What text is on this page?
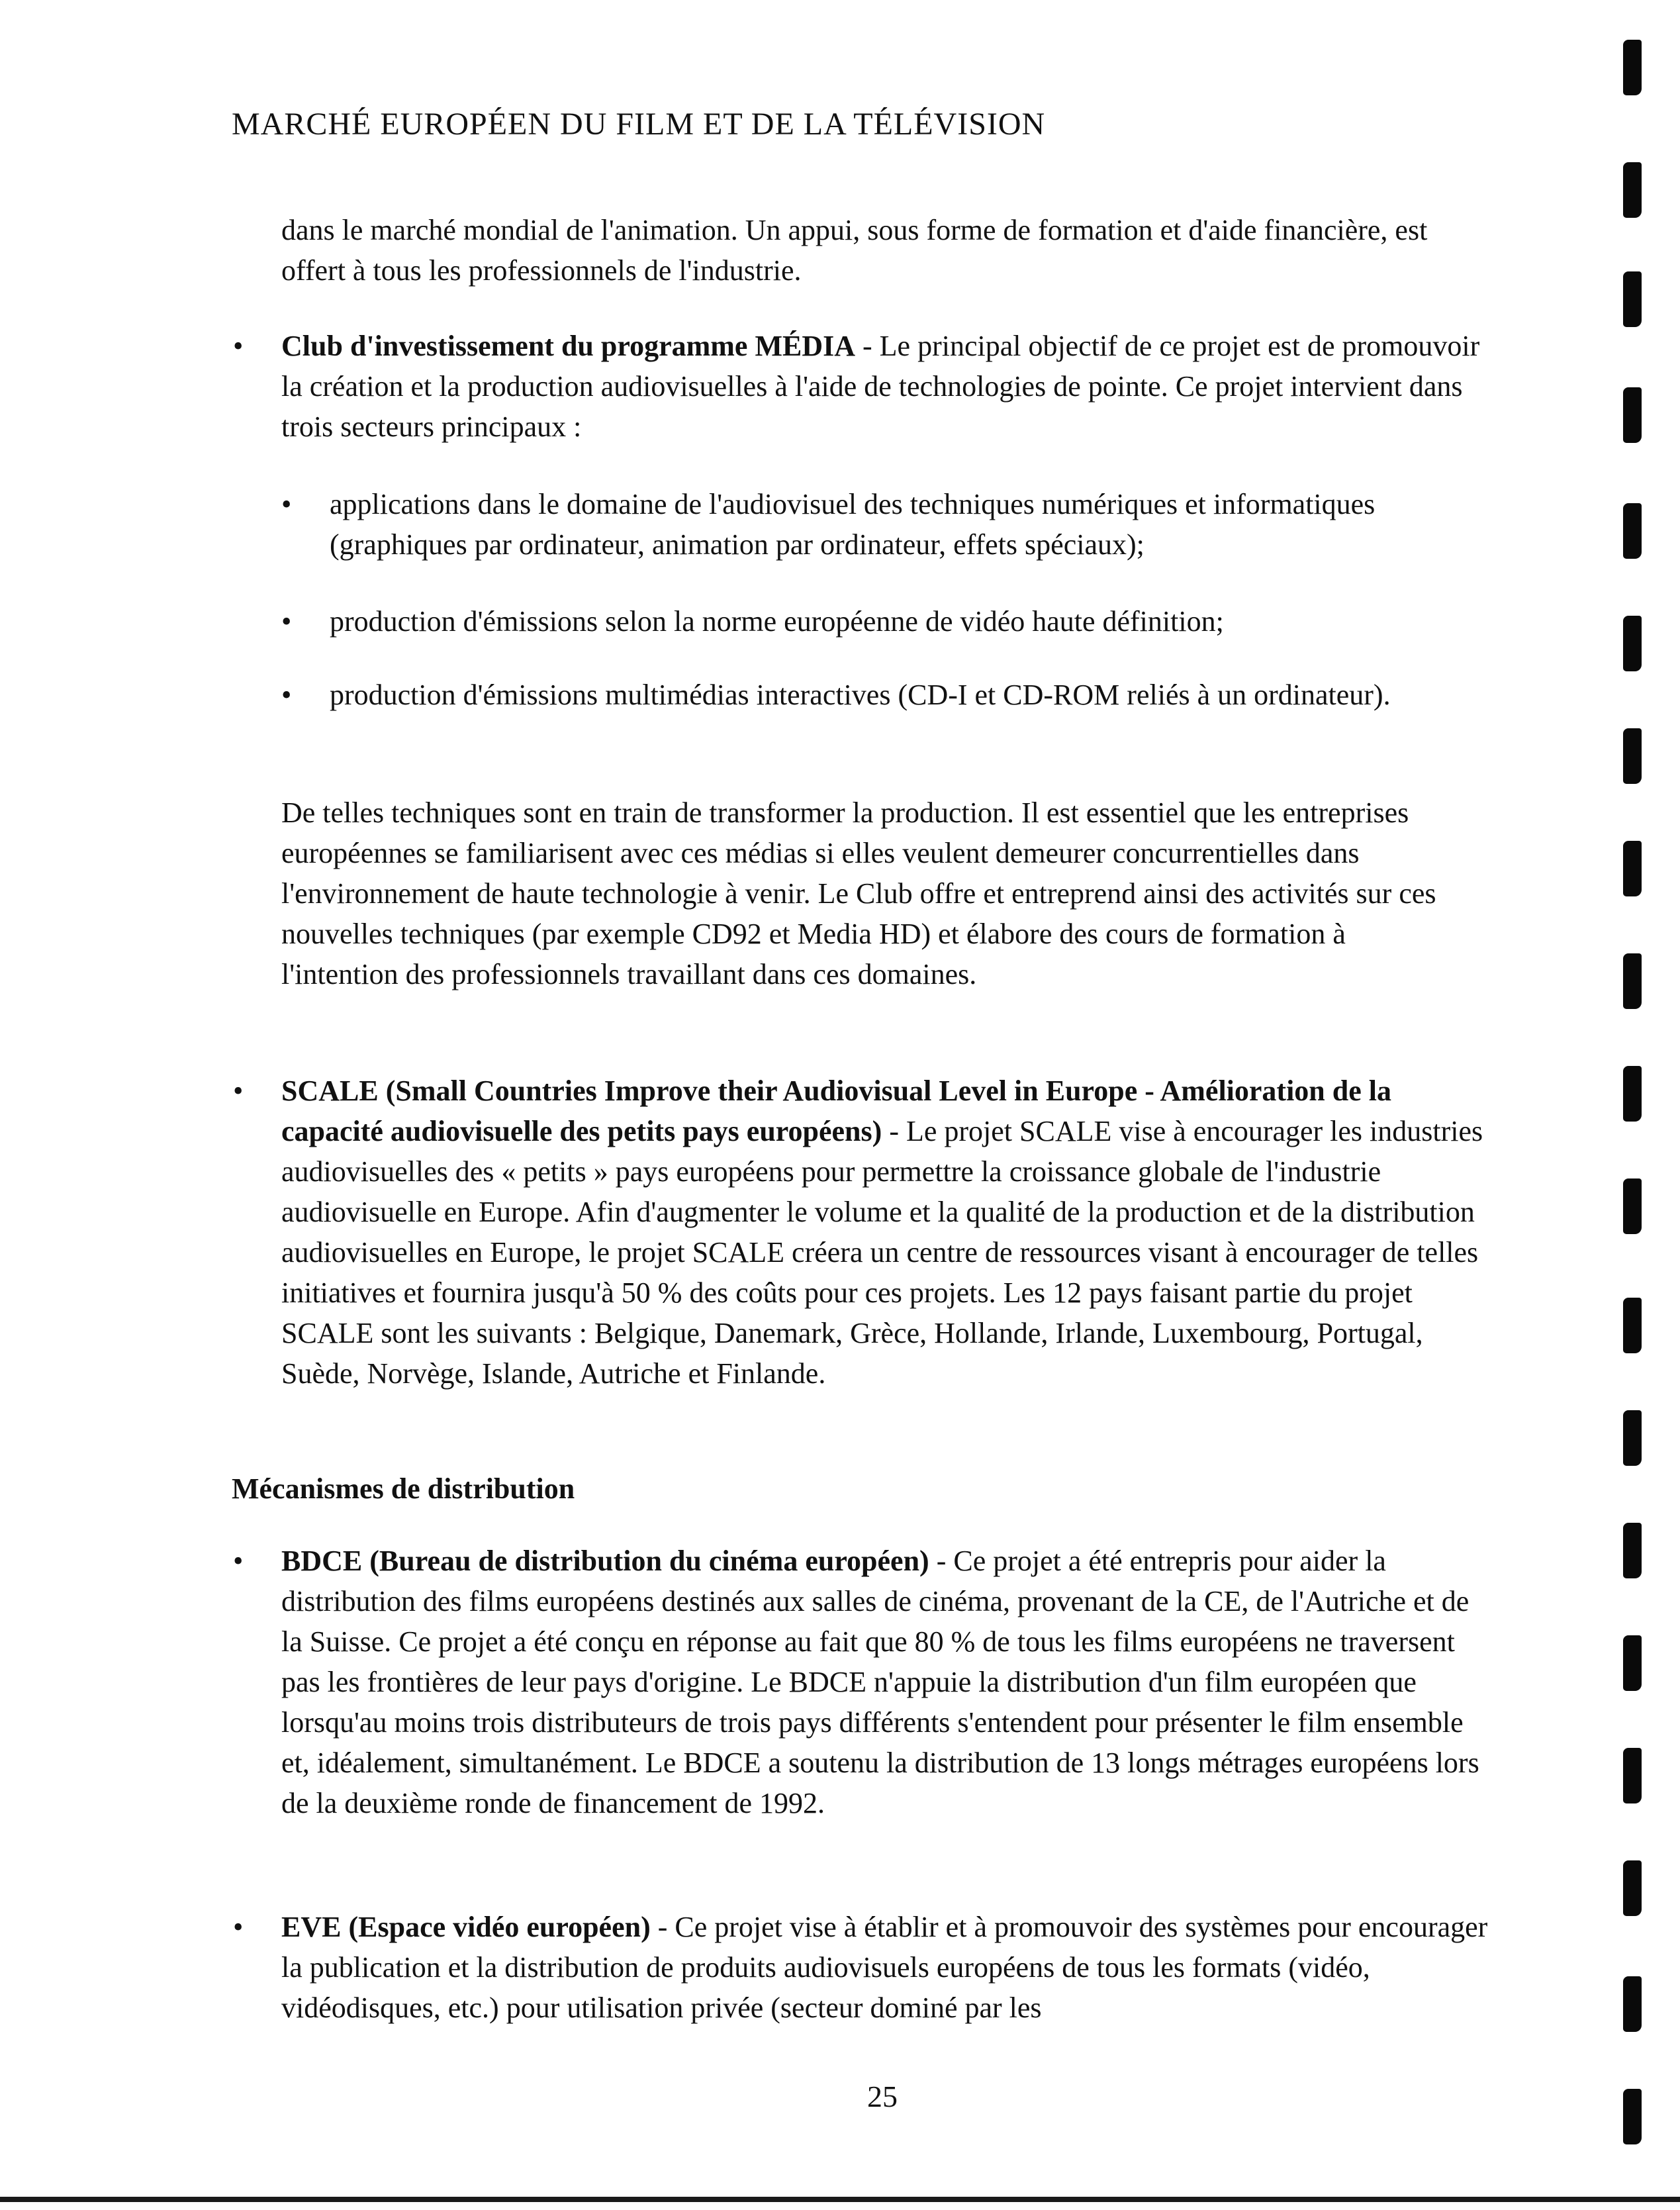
MARCHÉ EUROPÉEN DU FILM ET DE LA TÉLÉVISION

dans le marché mondial de l'animation. Un appui, sous forme de formation et d'aide financière, est offert à tous les professionnels de l'industrie.

• Club d'investissement du programme MÉDIA - Le principal objectif de ce projet est de promouvoir la création et la production audiovisuelles à l'aide de technologies de pointe. Ce projet intervient dans trois secteurs principaux :

• applications dans le domaine de l'audiovisuel des techniques numériques et informatiques (graphiques par ordinateur, animation par ordinateur, effets spéciaux);

• production d'émissions selon la norme européenne de vidéo haute définition;

• production d'émissions multimédias interactives (CD-I et CD-ROM reliés à un ordinateur).

De telles techniques sont en train de transformer la production. Il est essentiel que les entreprises européennes se familiarisent avec ces médias si elles veulent demeurer concurrentielles dans l'environnement de haute technologie à venir. Le Club offre et entreprend ainsi des activités sur ces nouvelles techniques (par exemple CD92 et Media HD) et élabore des cours de formation à l'intention des professionnels travaillant dans ces domaines.

• SCALE (Small Countries Improve their Audiovisual Level in Europe - Amélioration de la capacité audiovisuelle des petits pays européens) - Le projet SCALE vise à encourager les industries audiovisuelles des « petits » pays européens pour permettre la croissance globale de l'industrie audiovisuelle en Europe. Afin d'augmenter le volume et la qualité de la production et de la distribution audiovisuelles en Europe, le projet SCALE créera un centre de ressources visant à encourager de telles initiatives et fournira jusqu'à 50 % des coûts pour ces projets. Les 12 pays faisant partie du projet SCALE sont les suivants : Belgique, Danemark, Grèce, Hollande, Irlande, Luxembourg, Portugal, Suède, Norvège, Islande, Autriche et Finlande.

Mécanismes de distribution
• BDCE (Bureau de distribution du cinéma européen) - Ce projet a été entrepris pour aider la distribution des films européens destinés aux salles de cinéma, provenant de la CE, de l'Autriche et de la Suisse. Ce projet a été conçu en réponse au fait que 80 % de tous les films européens ne traversent pas les frontières de leur pays d'origine. Le BDCE n'appuie la distribution d'un film européen que lorsqu'au moins trois distributeurs de trois pays différents s'entendent pour présenter le film ensemble et, idéalement, simultanément. Le BDCE a soutenu la distribution de 13 longs métrages européens lors de la deuxième ronde de financement de 1992.

• EVE (Espace vidéo européen) - Ce projet vise à établir et à promouvoir des systèmes pour encourager la publication et la distribution de produits audiovisuels européens de tous les formats (vidéo, vidéodisques, etc.) pour utilisation privée (secteur dominé par les

25
